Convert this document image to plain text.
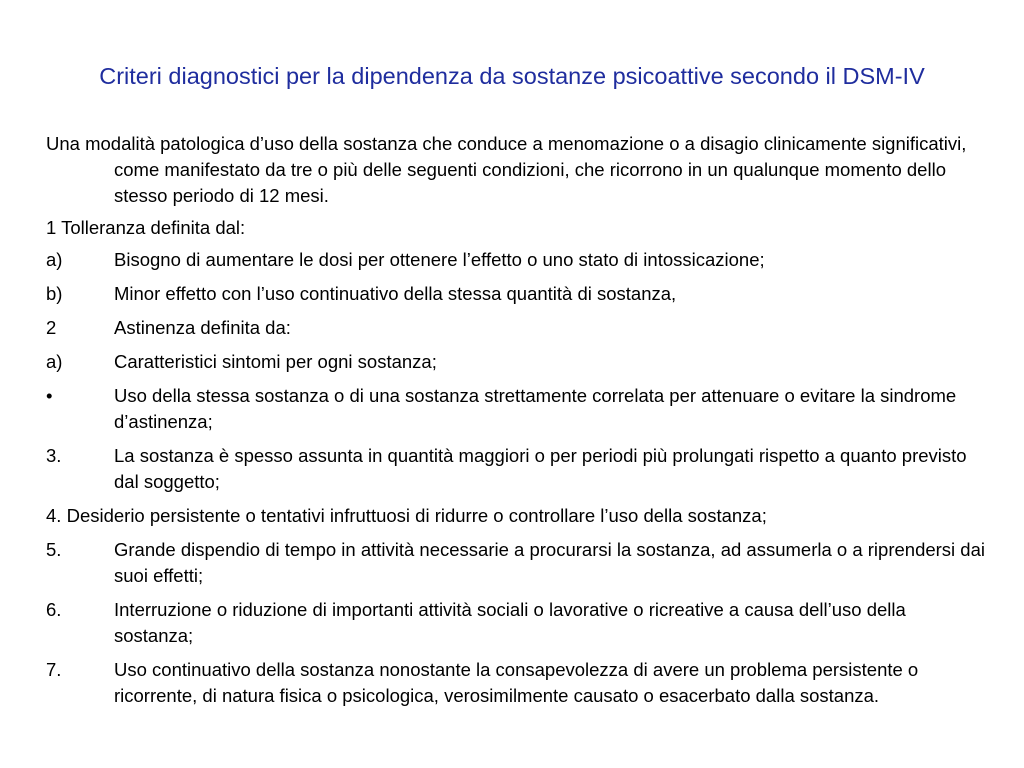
Criteri diagnostici per la dipendenza da sostanze psicoattive secondo il DSM-IV
Una modalità patologica d’uso della sostanza che conduce a menomazione o a disagio clinicamente significativi, come manifestato da tre o più delle seguenti condizioni, che ricorrono in un qualunque momento dello stesso periodo di 12 mesi.
1 Tolleranza definita dal:
a)	Bisogno di aumentare le dosi per ottenere l’effetto o uno stato di intossicazione;
b)	Minor effetto con l’uso continuativo della stessa quantità di sostanza,
2	Astinenza definita da:
a)	Caratteristici sintomi per ogni sostanza;
•	Uso della stessa sostanza o di una sostanza strettamente correlata per attenuare o evitare la sindrome d’astinenza;
3.	La sostanza è spesso assunta in quantità maggiori o per periodi più prolungati rispetto a quanto previsto dal soggetto;
4. Desiderio persistente o tentativi infruttuosi di ridurre o controllare l’uso della sostanza;
5.	Grande dispendio di tempo in attività necessarie a procurarsi la sostanza, ad assumerla o a riprendersi dai suoi effetti;
6.	Interruzione o riduzione di importanti attività sociali o lavorative o ricreative a causa dell’uso della sostanza;
7.	Uso continuativo della sostanza nonostante la consapevolezza di avere un problema persistente o ricorrente, di natura fisica o psicologica, verosimilmente causato o esacerbato dalla sostanza.
